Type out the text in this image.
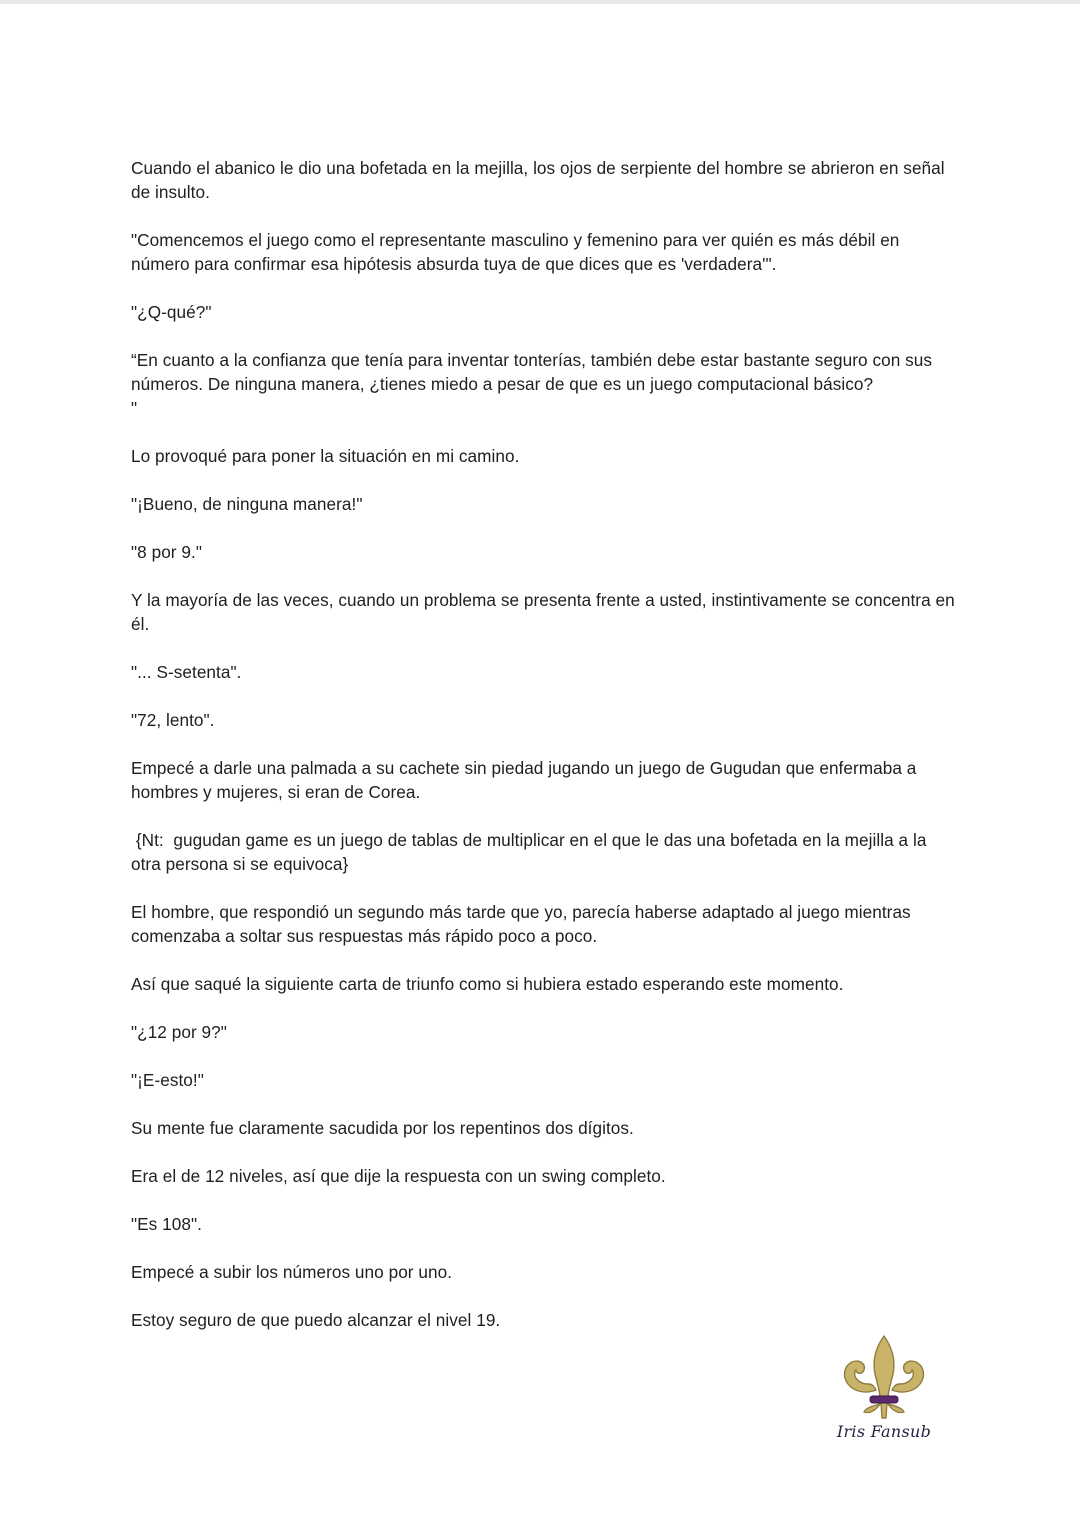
Cuando el abanico le dio una bofetada en la mejilla, los ojos de serpiente del hombre se abrieron en señal de insulto.

"Comencemos el juego como el representante masculino y femenino para ver quién es más débil en número para confirmar esa hipótesis absurda tuya de que dices que es 'verdadera'".

"¿Q-qué?"

“En cuanto a la confianza que tenía para inventar tonterías, también debe estar bastante seguro con sus números. De ninguna manera, ¿tienes miedo a pesar de que es un juego computacional básico?
"

Lo provoqué para poner la situación en mi camino.

"¡Bueno, de ninguna manera!"

"8 por 9."

Y la mayoría de las veces, cuando un problema se presenta frente a usted, instintivamente se concentra en él.

"... S-setenta".

"72, lento".

Empecé a darle una palmada a su cachete sin piedad jugando un juego de Gugudan que enfermaba a hombres y mujeres, si eran de Corea.

{Nt:  gugudan game es un juego de tablas de multiplicar en el que le das una bofetada en la mejilla a la otra persona si se equivoca}

El hombre, que respondió un segundo más tarde que yo, parecía haberse adaptado al juego mientras comenzaba a soltar sus respuestas más rápido poco a poco.

Así que saqué la siguiente carta de triunfo como si hubiera estado esperando este momento.

"¿12 por 9?"

"¡E-esto!"

Su mente fue claramente sacudida por los repentinos dos dígitos.

Era el de 12 niveles, así que dije la respuesta con un swing completo.

"Es 108".

Empecé a subir los números uno por uno.

Estoy seguro de que puedo alcanzar el nivel 19.

Iris Fansub
